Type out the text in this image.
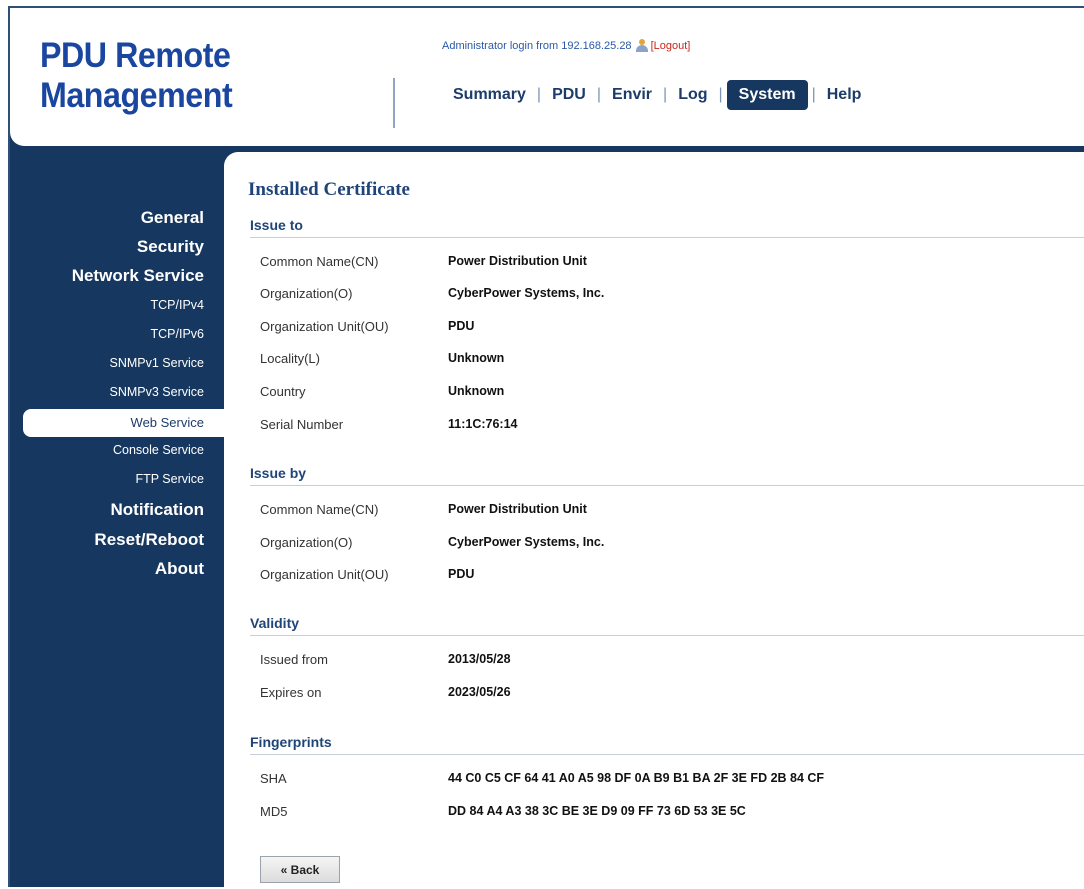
PDU Remote
Management
Administrator login from 192.168.25.28 [Logout]
Summary | PDU | Envir | Log |	System	| Help
General
Security
Network Service
TCP/IPv4
TCP/IPv6
SNMPv1 Service
SNMPv3 Service
Web Service
Console Service
FTP Service
Notification
Reset/Reboot
About
Installed Certificate
Issue to
Common Name(CN)	Power Distribution Unit
Organization(O)	CyberPower Systems, Inc.
Organization Unit(OU)	PDU
Locality(L)	Unknown
Country	Unknown
Serial Number	11:1C:76:14
Issue by
Common Name(CN)	Power Distribution Unit
Organization(O)	CyberPower Systems, Inc.
Organization Unit(OU)	PDU
Validity
Issued from	2013/05/28
Expires on	2023/05/26
Fingerprints
SHA	44 C0 C5 CF 64 41 A0 A5 98 DF 0A B9 B1 BA 2F 3E FD 2B 84 CF
MD5	DD 84 A4 A3 38 3C BE 3E D9 09 FF 73 6D 53 3E 5C
« Back
